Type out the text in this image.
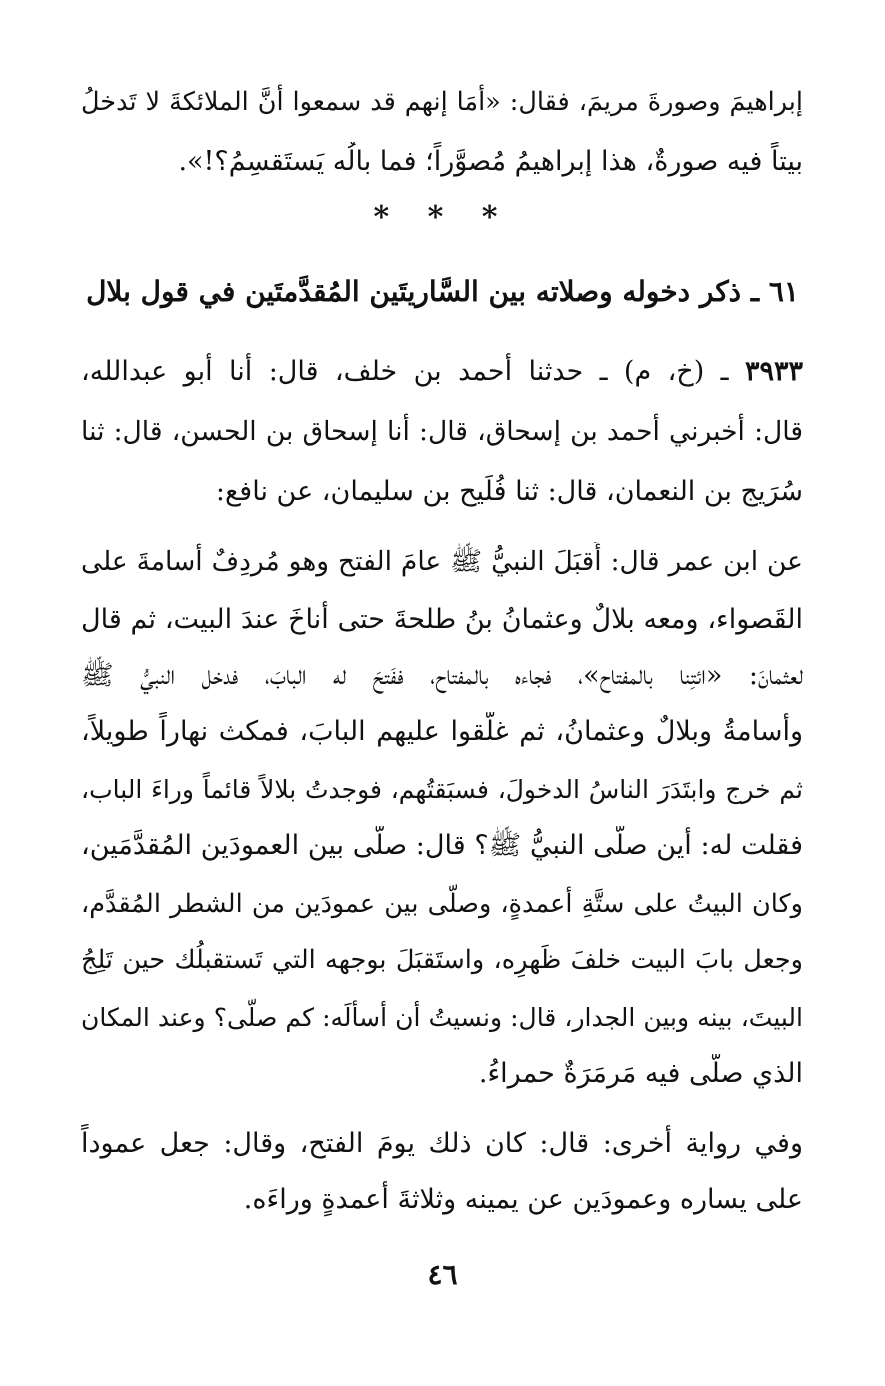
إبراهيمَ وصورةَ مريمَ، فقال: «أمَا إنهم قد سمعوا أنَّ الملائكةَ لا تَدخلُ
بيتاً فيه صورةٌ، هذا إبراهيمُ مُصوَّراً؛ فما بالُه يَستَقسِمُ؟!».
* * *
٦١ ـ ذكر دخوله وصلاته بين السَّاريتَين المُقدَّمتَين في قول بلال
٣٩٣٣ ـ (خ، م) ـ حدثنا أحمد بن خلف، قال: أنا أبو عبدالله،
قال: أخبرني أحمد بن إسحاق، قال: أنا إسحاق بن الحسن، قال: ثنا
سُرَيج بن النعمان، قال: ثنا فُلَيح بن سليمان، عن نافع:
عن ابن عمر قال: أَقبَلَ النبيُّ ﷺ عامَ الفتح وهو مُردِفٌ أسامةَ على
القَصواء، ومعه بلالٌ وعثمانُ بنُ طلحةَ حتى أَناخَ عندَ البيت، ثم قال
لعثمانَ: «ائتِنا بالمفتاح»، فجاءه بالمفتاح، ففَتحَ له البابَ، فدخل النبيُّ ﷺ
وأسامةُ وبلالٌ وعثمانُ، ثم غلَّقوا عليهم البابَ، فمكث نهاراً طويلاً،
ثم خرج وابتَدَرَ الناسُ الدخولَ، فسبَقتُهم، فوجدتُ بلالاً قائماً وراءَ الباب،
فقلت له: أين صلَّى النبيُّ ﷺ؟ قال: صلَّى بين العمودَين المُقدَّمَين،
وكان البيتُ على ستَّةِ أعمدةٍ، وصلَّى بين عمودَين من الشطر المُقدَّم،
وجعل بابَ البيت خلفَ ظَهرِه، واستَقبَلَ بوجهه التي تَستقبلُك حين تَلِجُ
البيتَ، بينه وبين الجدار، قال: ونسيتُ أن أسألَه: كم صلَّى؟ وعند المكان
الذي صلَّى فيه مَرمَرَةٌ حمراءُ.
وفي رواية أخرى: قال: كان ذلك يومَ الفتح، وقال: جعل عموداً
على يساره وعمودَين عن يمينه وثلاثةَ أعمدةٍ وراءَه.
٤٦
